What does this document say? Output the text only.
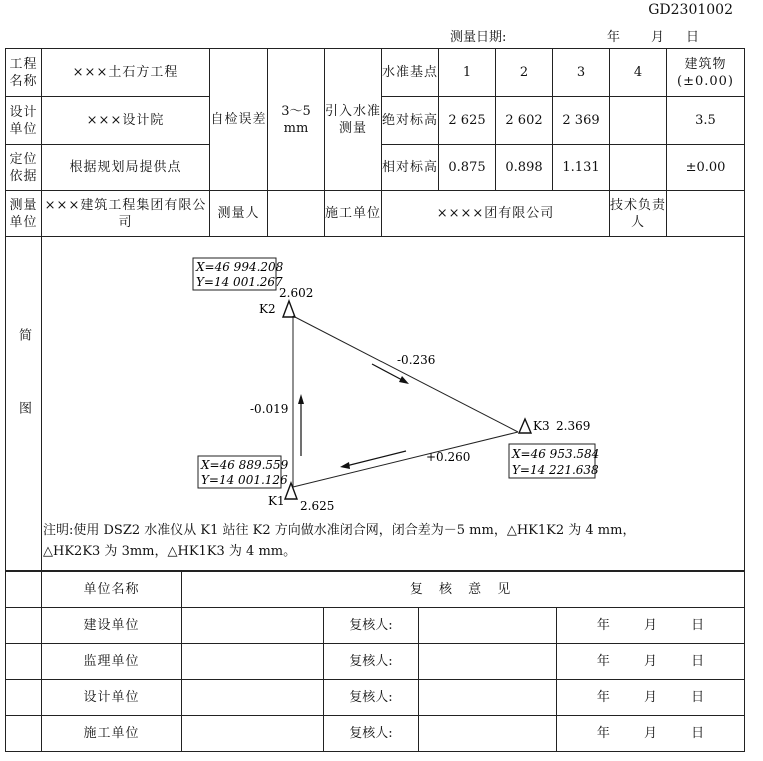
GD2301002
测量日期:	年 月 日
工程名称	×××土石方工程	自检误差	3～5 mm	引入水准测量	水准基点	1	2	3	4	建筑物(±0.00)
设计单位	×××设计院				绝对标高	2 625	2 602	2 369		3.5
定位依据	根据规划局提供点				相对标高	0.875	0.898	1.131		±0.00
测量单位	×××建筑工程集团有限公司	测量人		施工单位	××××团有限公司				技术负责人	
简图										
X=46 994.208
Y=14 001.267
X=46 889.559
Y=14 001.126
X=46 953.584
Y=14 221.638
2.602
K2
K1 2.625
K3 2.369
-0.019
-0.236
+0.260
注明:使用 DSZ2 水准仪从 K1 站往 K2 方向做水准闭合网，闭合差为－5 mm，△HK1K2 为 4 mm，
△HK2K3 为 3mm，△HK1K3 为 4 mm。
	单位名称	复 核 意 见			
	建设单位		复核人:		年 月 日
	监理单位		复核人:		年 月 日
	设计单位		复核人:		年 月 日
	施工单位		复核人:		年 月 日
